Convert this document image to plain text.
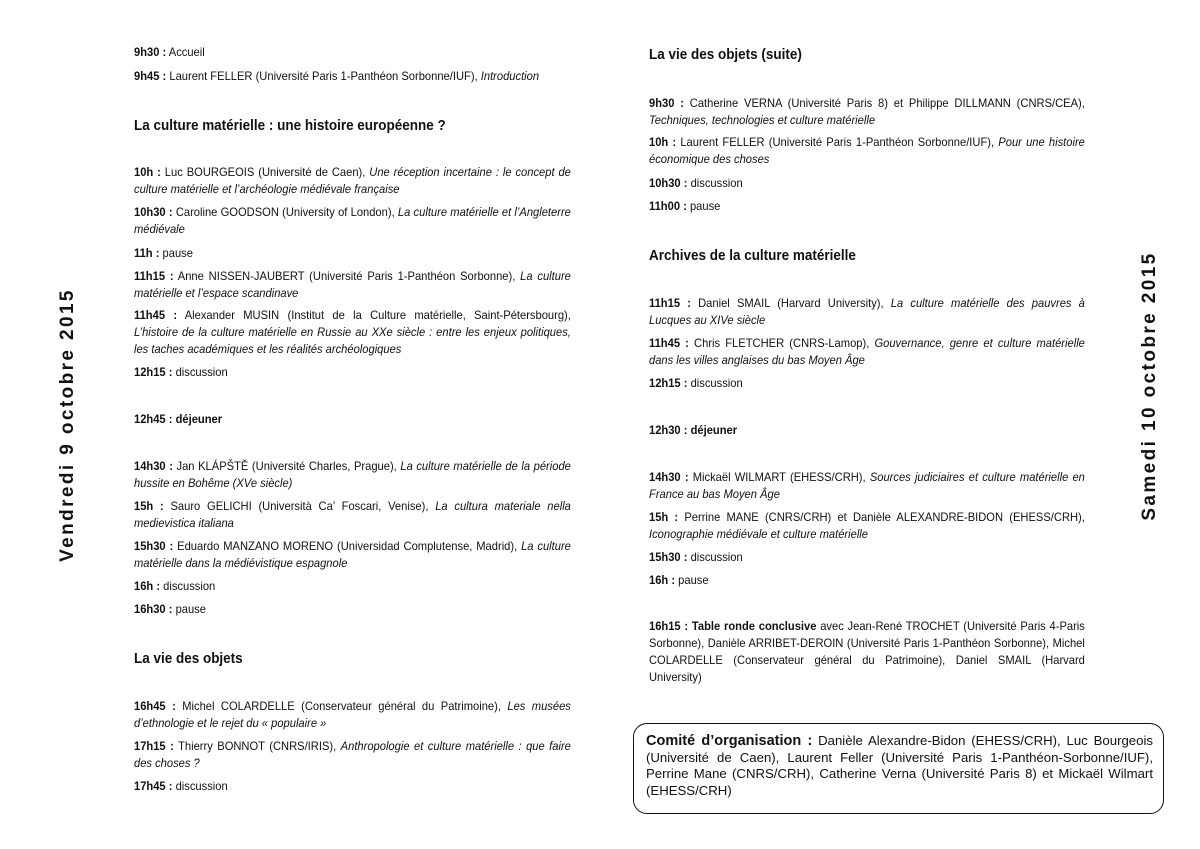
Vendredi 9 octobre 2015	Samedi 10 octobre 2015
9h30 : Accueil
9h45 : Laurent FELLER (Université Paris 1-Panthéon Sorbonne/IUF), Introduction
La culture matérielle : une histoire européenne ?
10h : Luc BOURGEOIS (Université de Caen), Une réception incertaine : le concept de culture matérielle et l’archéologie médiévale française
10h30 : Caroline GOODSON (University of London), La culture matérielle et l’Angleterre médiévale
11h : pause
11h15 : Anne NISSEN-JAUBERT (Université Paris 1-Panthéon Sorbonne), La culture matérielle et l’espace scandinave
11h45 : Alexander MUSIN (Institut de la Culture matérielle, Saint-Pétersbourg), L’histoire de la culture matérielle en Russie au XXe siècle : entre les enjeux politiques, les taches académiques et les réalités archéologiques
12h15 : discussion
12h45 : déjeuner
14h30 : Jan KLÁPŠTĚ (Université Charles, Prague), La culture matérielle de la période hussite en Bohême (XVe siècle)
15h : Sauro GELICHI (Università Ca’ Foscari, Venise), La cultura materiale nella medievistica italiana
15h30 : Eduardo MANZANO MORENO (Universidad Complutense, Madrid), La culture matérielle dans la médiévistique espagnole
16h : discussion
16h30 : pause
La vie des objets
16h45 : Michel COLARDELLE (Conservateur général du Patrimoine), Les musées d’ethnologie et le rejet du « populaire »
17h15 : Thierry BONNOT (CNRS/IRIS), Anthropologie et culture matérielle : que faire des choses ?
17h45 : discussion
La vie des objets (suite)
9h30 : Catherine VERNA (Université Paris 8) et Philippe DILLMANN (CNRS/CEA), Techniques, technologies et culture matérielle
10h : Laurent FELLER (Université Paris 1-Panthéon Sorbonne/IUF), Pour une histoire économique des choses
10h30 : discussion
11h00 : pause
Archives de la culture matérielle
11h15 : Daniel SMAIL (Harvard University), La culture matérielle des pauvres à Lucques au XIVe siècle
11h45 : Chris FLETCHER (CNRS-Lamop), Gouvernance, genre et culture matérielle dans les villes anglaises du bas Moyen Âge
12h15 : discussion
12h30 : déjeuner
14h30 : Mickaël WILMART (EHESS/CRH), Sources judiciaires et culture matérielle en France au bas Moyen Âge
15h : Perrine MANE (CNRS/CRH) et Danièle ALEXANDRE-BIDON (EHESS/CRH), Iconographie médiévale et culture matérielle
15h30 : discussion
16h : pause
16h15 : Table ronde conclusive avec Jean-René TROCHET (Université Paris 4-Paris Sorbonne), Danièle ARRIBET-DEROIN (Université Paris 1-Panthéon Sorbonne), Michel COLARDELLE (Conservateur général du Patrimoine), Daniel SMAIL (Harvard University)
Comité d’organisation : Danièle Alexandre-Bidon (EHESS/CRH), Luc Bourgeois (Université de Caen), Laurent Feller (Université Paris 1-Panthéon-Sorbonne/IUF), Perrine Mane (CNRS/CRH), Catherine Verna (Université Paris 8) et Mickaël Wilmart (EHESS/CRH)
